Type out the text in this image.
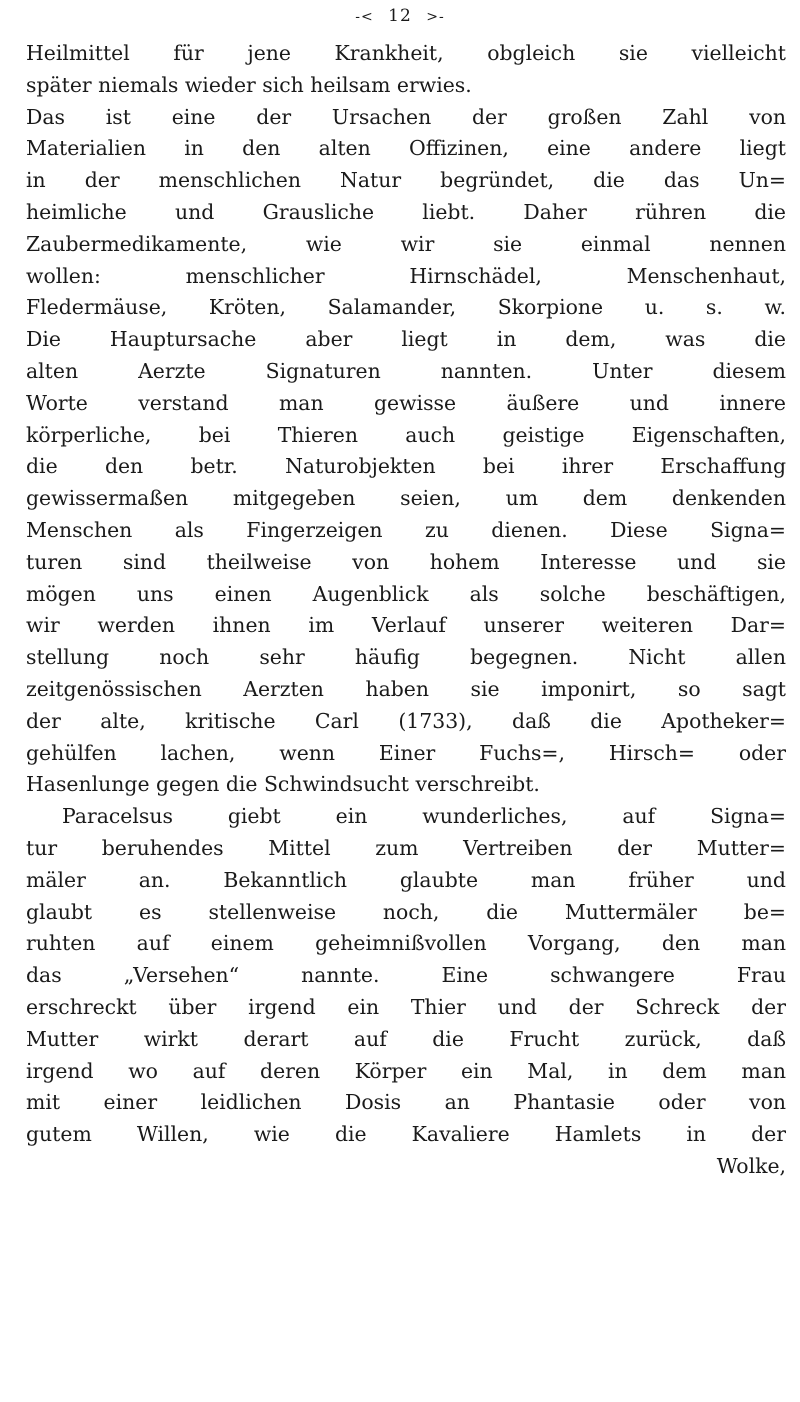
-< 12 >-
Heilmittel für jene Krankheit, obgleich sie vielleicht
später niemals wieder sich heilsam erwies.
Das ist eine der Ursachen der großen Zahl von
Materialien in den alten Offizinen, eine andere liegt
in der menschlichen Natur begründet, die das Un=
heimliche und Grausliche liebt. Daher rühren die
Zaubermedikamente, wie wir sie einmal nennen
wollen: menschlicher Hirnschädel, Menschenhaut,
Fledermäuse, Kröten, Salamander, Skorpione u. s. w.
Die Hauptursache aber liegt in dem, was die
alten Aerzte Signaturen nannten. Unter diesem
Worte verstand man gewisse äußere und innere
körperliche, bei Thieren auch geistige Eigenschaften,
die den betr. Naturobjekten bei ihrer Erschaffung
gewissermaßen mitgegeben seien, um dem denkenden
Menschen als Fingerzeigen zu dienen. Diese Signa=
turen sind theilweise von hohem Interesse und sie
mögen uns einen Augenblick als solche beschäftigen,
wir werden ihnen im Verlauf unserer weiteren Dar=
stellung noch sehr häufig begegnen. Nicht allen
zeitgenössischen Aerzten haben sie imponirt, so sagt
der alte, kritische Carl (1733), daß die Apotheker=
gehülfen lachen, wenn Einer Fuchs=, Hirsch= oder
Hasenlunge gegen die Schwindsucht verschreibt.
Paracelsus giebt ein wunderliches, auf Signa=
tur beruhendes Mittel zum Vertreiben der Mutter=
mäler an. Bekanntlich glaubte man früher und
glaubt es stellenweise noch, die Muttermäler be=
ruhten auf einem geheimnißvollen Vorgang, den man
das „Versehen“ nannte. Eine schwangere Frau
erschreckt über irgend ein Thier und der Schreck der
Mutter wirkt derart auf die Frucht zurück, daß
irgend wo auf deren Körper ein Mal, in dem man
mit einer leidlichen Dosis an Phantasie oder von
gutem Willen, wie die Kavaliere Hamlets in der
Wolke,
